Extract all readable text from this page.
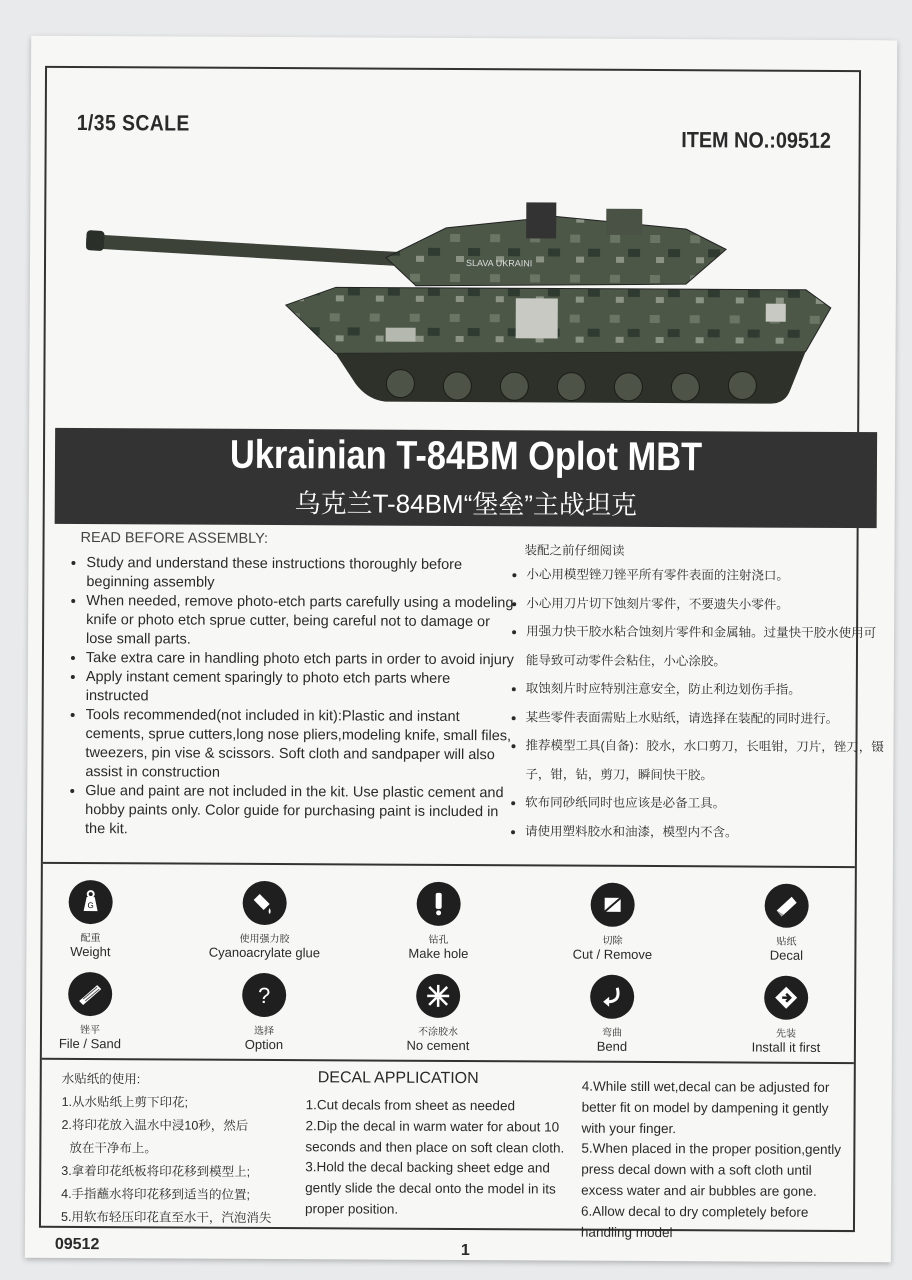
1/35 SCALE
ITEM NO.:09512
SLAVA UKRAINI
Ukrainian T-84BM Oplot MBT
乌克兰T-84BM“堡垒”主战坦克
READ BEFORE ASSEMBLY:
• Study and understand these instructions thoroughly before beginning assembly
• When needed, remove photo-etch parts carefully using a modeling knife or photo etch sprue cutter, being careful not to damage or lose small parts.
• Take extra care in handling photo etch parts in order to avoid injury
• Apply instant cement sparingly to photo etch parts where instructed
• Tools recommended(not included in kit):Plastic and instant cements, sprue cutters,long nose pliers,modeling knife, small files, tweezers, pin vise & scissors. Soft cloth and sandpaper will also assist in construction
• Glue and paint are not included in the kit. Use plastic cement and hobby paints only. Color guide for purchasing paint is included in the kit.
装配之前仔细阅读
• 小心用模型锉刀锉平所有零件表面的注射浇口。
• 小心用刀片切下蚀刻片零件，不要遗失小零件。
• 用强力快干胶水粘合蚀刻片零件和金属轴。过量快干胶水使用可能导致可动零件会粘住，小心涂胶。
• 取蚀刻片时应特别注意安全，防止利边划伤手指。
• 某些零件表面需贴上水贴纸，请选择在装配的同时进行。
• 推荐模型工具(自备)：胶水，水口剪刀，长咀钳，刀片，锉刀，镊子，钳，钻，剪刀，瞬间快干胶。
• 软布同砂纸同时也应该是必备工具。
• 请使用塑料胶水和油漆，模型内不含。
G
配重
Weight
使用强力胶
Cyanoacrylate glue
钻孔
Make hole
切除
Cut / Remove
贴纸
Decal
锉平
File / Sand
?
选择
Option
不涂胶水
No cement
弯曲
Bend
先装
Install it first
水贴纸的使用:
1.从水贴纸上剪下印花;
2.将印花放入温水中浸10秒，然后
放在干净布上。
3.拿着印花纸板将印花移到模型上;
4.手指蘸水将印花移到适当的位置;
5.用软布轻压印花直至水干，汽泡消失
DECAL APPLICATION

1.Cut decals from sheet as needed

2.Dip the decal in warm water for about 10 seconds and then place on soft clean cloth.

3.Hold the decal backing sheet edge and gently slide the decal onto the model in its proper position.

4.While still wet,decal can be adjusted for better fit on model by dampening it gently with your finger.

5.When placed in the proper position,gently press decal down with a soft cloth until excess water and air bubbles are gone.

6.Allow decal to dry completely before handling model

09512	1
